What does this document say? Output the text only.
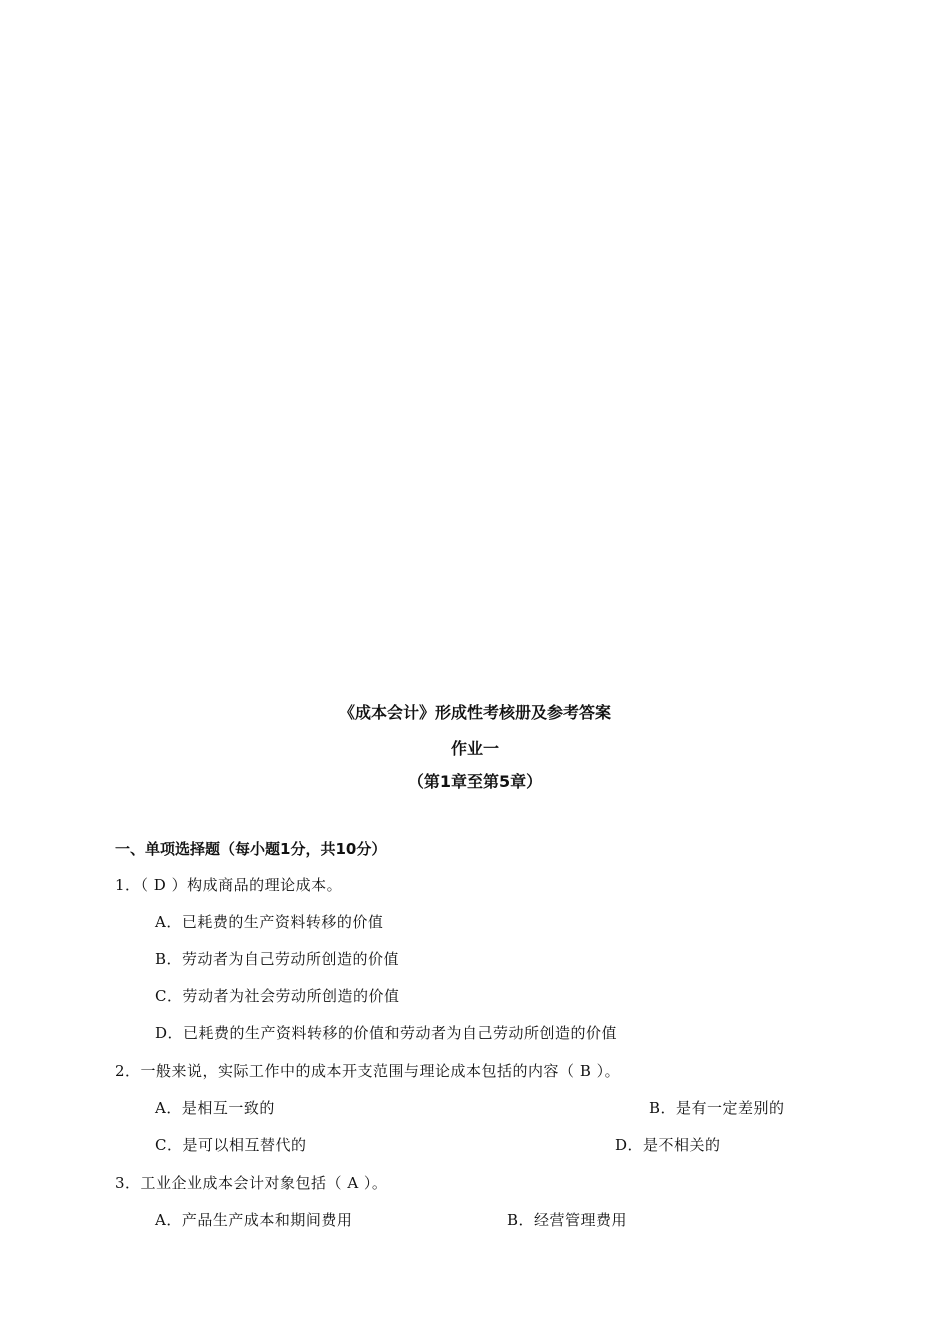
《成本会计》形成性考核册及参考答案
作业一
（第1章至第5章）
一、单项选择题（每小题1分，共10分）
1．（ D ）构成商品的理论成本。
A．已耗费的生产资料转移的价值
B．劳动者为自己劳动所创造的价值
C．劳动者为社会劳动所创造的价值
D．已耗费的生产资料转移的价值和劳动者为自己劳动所创造的价值
2．一般来说，实际工作中的成本开支范围与理论成本包括的内容（ B ）。
A．是相互一致的	B．是有一定差别的
C．是可以相互替代的	D．是不相关的
3．工业企业成本会计对象包括（ A ）。
A．产品生产成本和期间费用	B．经营管理费用
